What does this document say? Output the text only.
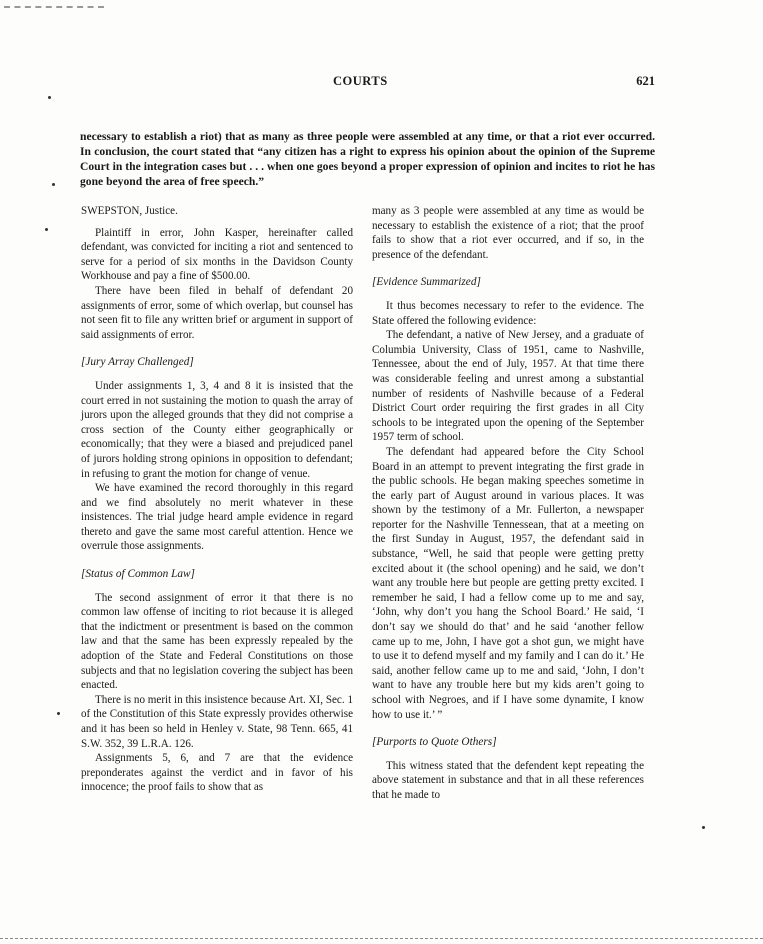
COURTS	621
necessary to establish a riot) that as many as three people were assembled at any time, or that a riot ever occurred. In conclusion, the court stated that “any citizen has a right to express his opinion about the opinion of the Supreme Court in the integration cases but . . . when one goes beyond a proper expression of opinion and incites to riot he has gone beyond the area of free speech.”

SWEPSTON, Justice.

Plaintiff in error, John Kasper, hereinafter called defendant, was convicted for inciting a riot and sentenced to serve for a period of six months in the Davidson County Workhouse and pay a fine of $500.00.

There have been filed in behalf of defendant 20 assignments of error, some of which overlap, but counsel has not seen fit to file any written brief or argument in support of said assignments of error.

[Jury Array Challenged]

Under assignments 1, 3, 4 and 8 it is insisted that the court erred in not sustaining the motion to quash the array of jurors upon the alleged grounds that they did not comprise a cross section of the County either geographically or economically; that they were a biased and prejudiced panel of jurors holding strong opinions in opposition to defendant; in refusing to grant the motion for change of venue.

We have examined the record thoroughly in this regard and we find absolutely no merit whatever in these insistences. The trial judge heard ample evidence in regard thereto and gave the same most careful attention. Hence we overrule those assignments.

[Status of Common Law]

The second assignment of error it that there is no common law offense of inciting to riot because it is alleged that the indictment or presentment is based on the common law and that the same has been expressly repealed by the adoption of the State and Federal Constitutions on those subjects and that no legislation covering the subject has been enacted.

There is no merit in this insistence because Art. XI, Sec. 1 of the Constitution of this State expressly provides otherwise and it has been so held in Henley v. State, 98 Tenn. 665, 41 S.W. 352, 39 L.R.A. 126.

Assignments 5, 6, and 7 are that the evidence preponderates against the verdict and in favor of his innocence; the proof fails to show that as

many as 3 people were assembled at any time as would be necessary to establish the existence of a riot; that the proof fails to show that a riot ever occurred, and if so, in the presence of the defendant.

[Evidence Summarized]

It thus becomes necessary to refer to the evidence. The State offered the following evidence:

The defendant, a native of New Jersey, and a graduate of Columbia University, Class of 1951, came to Nashville, Tennessee, about the end of July, 1957. At that time there was considerable feeling and unrest among a substantial number of residents of Nashville because of a Federal District Court order requiring the first grades in all City schools to be integrated upon the opening of the September 1957 term of school.

The defendant had appeared before the City School Board in an attempt to prevent integrating the first grade in the public schools. He began making speeches sometime in the early part of August around in various places. It was shown by the testimony of a Mr. Fullerton, a newspaper reporter for the Nashville Tennessean, that at a meeting on the first Sunday in August, 1957, the defendant said in substance, “Well, he said that people were getting pretty excited about it (the school opening) and he said, we don’t want any trouble here but people are getting pretty excited. I remember he said, I had a fellow come up to me and say, ‘John, why don’t you hang the School Board.’ He said, ‘I don’t say we should do that’ and he said ‘another fellow came up to me, John, I have got a shot gun, we might have to use it to defend myself and my family and I can do it.’ He said, another fellow came up to me and said, ‘John, I don’t want to have any trouble here but my kids aren’t going to school with Negroes, and if I have some dynamite, I know how to use it.’ ”

[Purports to Quote Others]

This witness stated that the defendent kept repeating the above statement in substance and that in all these references that he made to
